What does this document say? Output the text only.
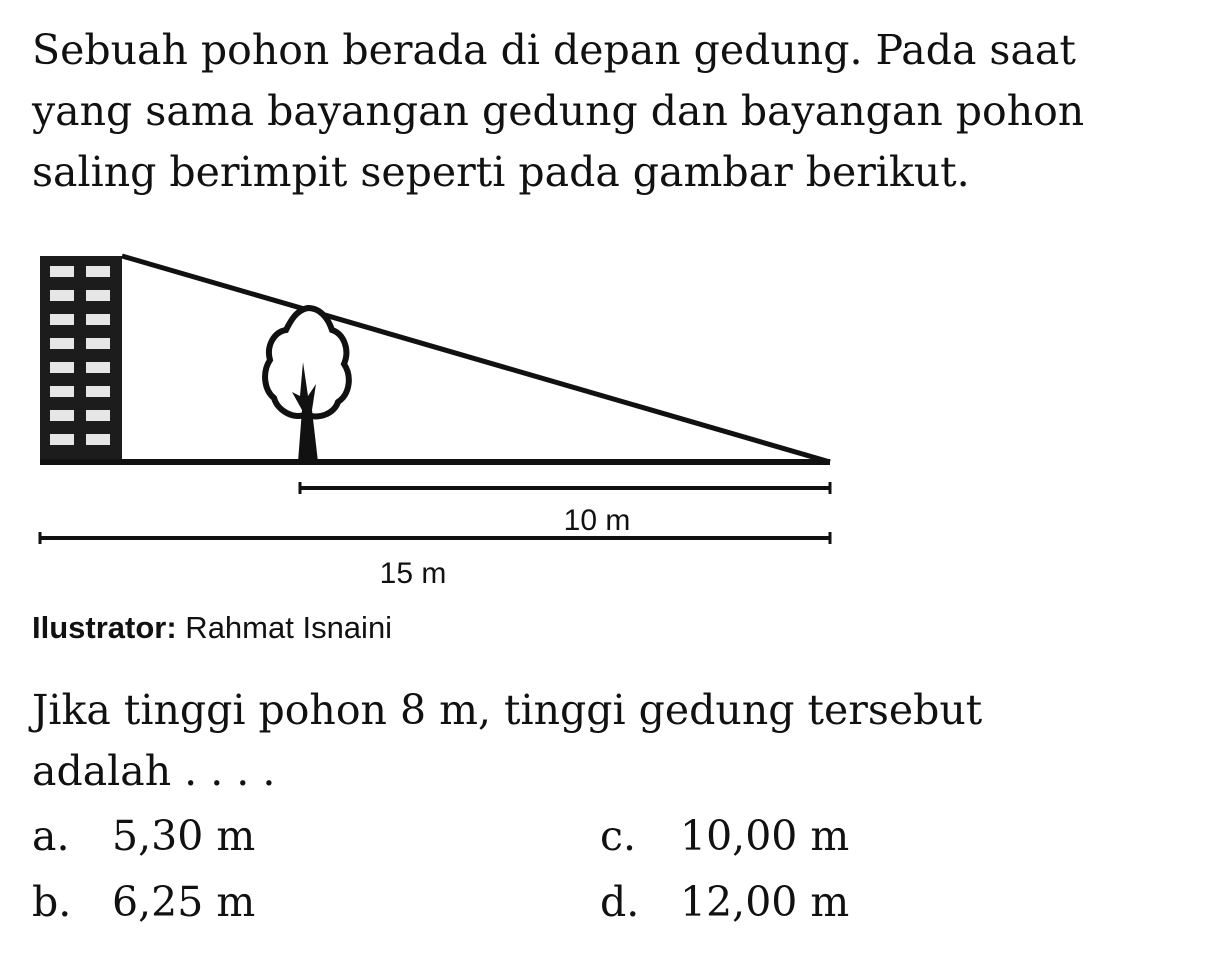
Sebuah pohon berada di depan gedung. Pada saat
yang sama bayangan gedung dan bayangan pohon
saling berimpit seperti pada gambar berikut.
10 m
15 m
Ilustrator: Rahmat Isnaini
Jika tinggi pohon 8 m, tinggi gedung tersebut
adalah . . . .
a. 5,30 m
b. 6,25 m
c. 10,00 m
d. 12,00 m
